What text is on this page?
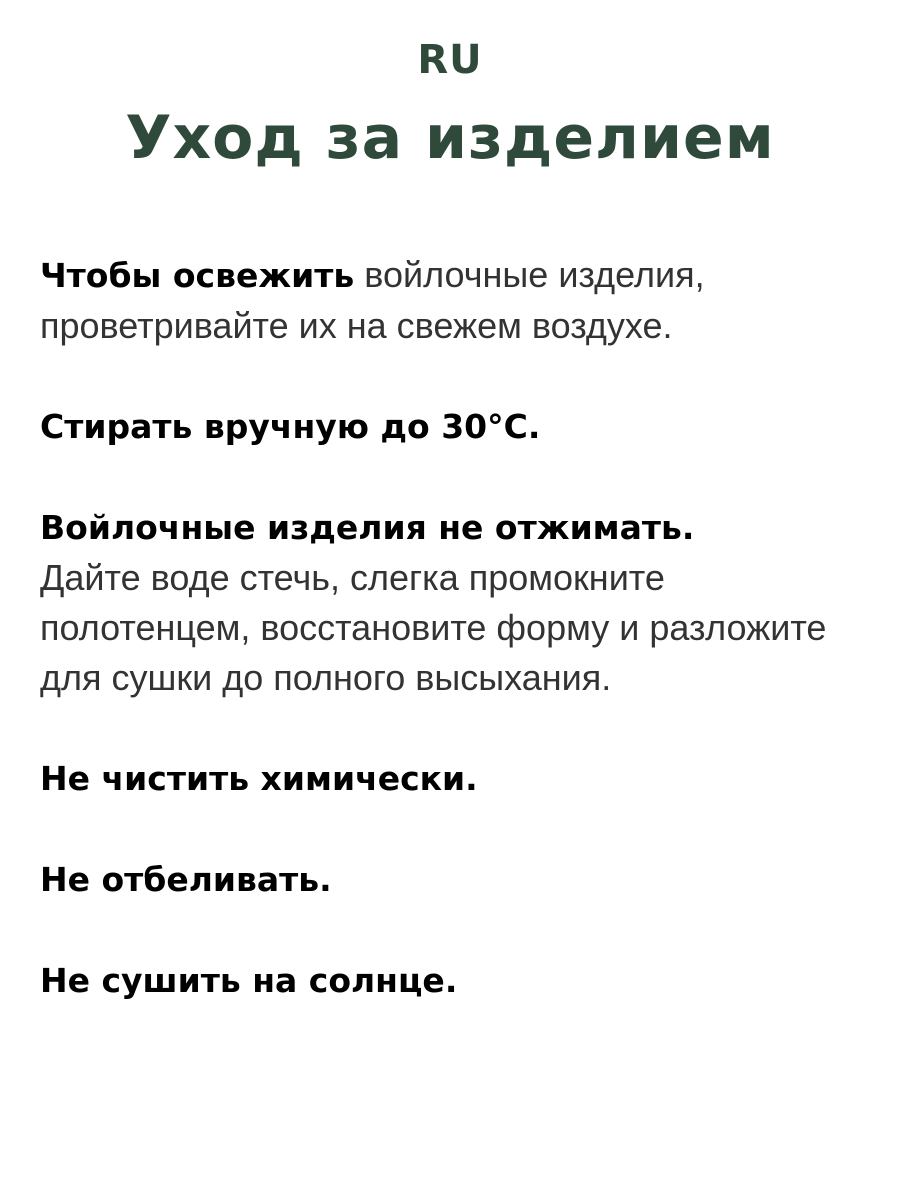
RU
Уход за изделием

Чтобы освежить войлочные изделия, проветривайте их на свежем воздухе.

Стирать вручную до 30°C.

Войлочные изделия не отжимать.
Дайте воде стечь, слегка промокните полотенцем, восстановите форму и разложите для сушки до полного высыхания.

Не чистить химически.

Не отбеливать.

Не сушить на солнце.
